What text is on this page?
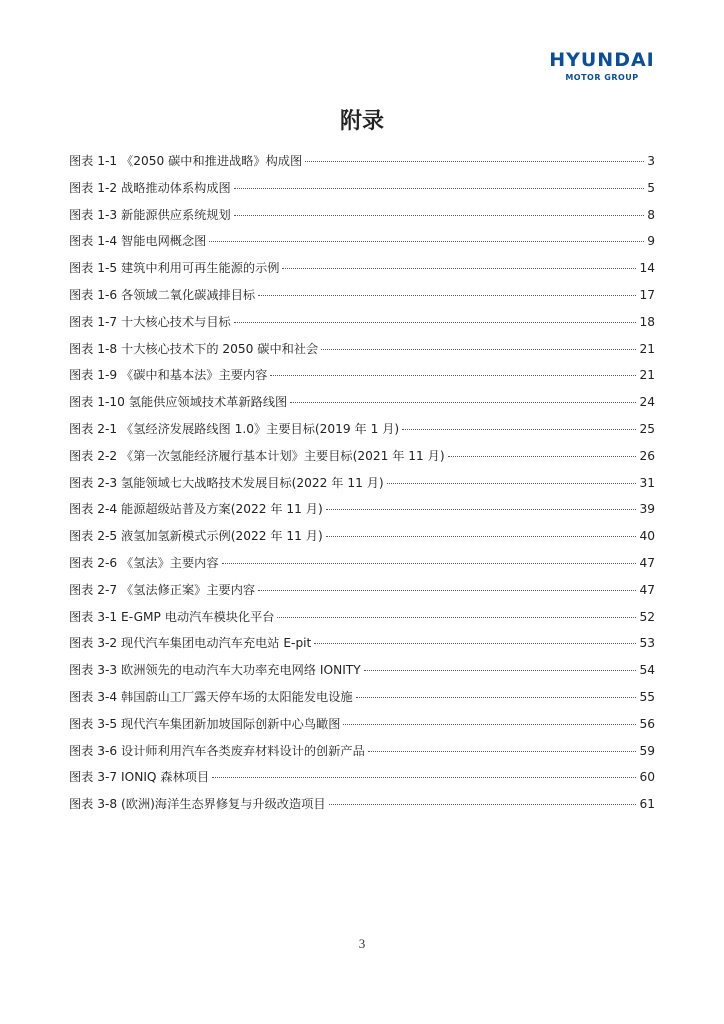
HYUNDAI
MOTOR GROUP
附录
图表 1-1 《2050 碳中和推进战略》构成图	3
图表 1-2 战略推动体系构成图	5
图表 1-3 新能源供应系统规划	8
图表 1-4 智能电网概念图	9
图表 1-5 建筑中利用可再生能源的示例	14
图表 1-6 各领域二氧化碳减排目标	17
图表 1-7 十大核心技术与目标	18
图表 1-8 十大核心技术下的 2050 碳中和社会	21
图表 1-9 《碳中和基本法》主要内容	21
图表 1-10 氢能供应领域技术革新路线图	24
图表 2-1 《氢经济发展路线图 1.0》主要目标(2019 年 1 月)	25
图表 2-2 《第一次氢能经济履行基本计划》主要目标(2021 年 11 月)	26
图表 2-3 氢能领域七大战略技术发展目标(2022 年 11 月)	31
图表 2-4 能源超级站普及方案(2022 年 11 月)	39
图表 2-5 液氢加氢新模式示例(2022 年 11 月)	40
图表 2-6 《氢法》主要内容	47
图表 2-7 《氢法修正案》主要内容	47
图表 3-1 E-GMP 电动汽车模块化平台	52
图表 3-2 现代汽车集团电动汽车充电站 E-pit	53
图表 3-3 欧洲领先的电动汽车大功率充电网络 IONITY	54
图表 3-4 韩国蔚山工厂露天停车场的太阳能发电设施	55
图表 3-5 现代汽车集团新加坡国际创新中心鸟瞰图	56
图表 3-6 设计师利用汽车各类废弃材料设计的创新产品	59
图表 3-7 IONIQ 森林项目	60
图表 3-8 (欧洲)海洋生态界修复与升级改造项目	61
3
